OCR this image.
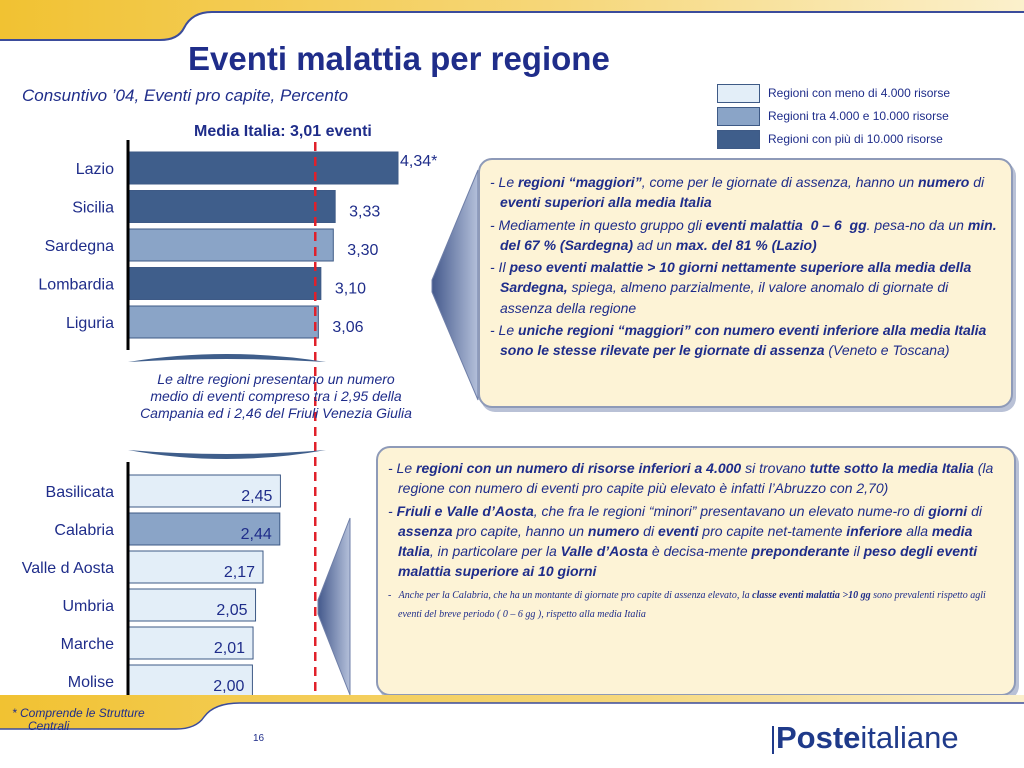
Eventi malattia per regione
Consuntivo ’04, Eventi pro capite, Percento
Media Italia: 3,01 eventi
Regioni con meno di 4.000 risorse
Regioni tra 4.000 e 10.000 risorse
Regioni con più di 10.000 risorse
Lazio	4,34*
Sicilia	3,33
Sardegna	3,30
Lombardia	3,10
Liguria	3,06
Basilicata	2,45
Calabria	2,44
Valle d Aosta	2,17
Umbria	2,05
Marche	2,01
Molise	2,00
Le altre regioni presentano un numero medio di eventi compreso tra i 2,95 della Campania ed i 2,46 del Friuli Venezia Giulia
- Le regioni “maggiori”, come per le giornate di assenza, hanno un numero di eventi superiori alla media Italia
- Mediamente in questo gruppo gli eventi malattia  0 – 6  gg. pesa-no da un min. del 67 % (Sardegna) ad un max. del 81 % (Lazio)
- Il peso eventi malattie > 10 giorni nettamente superiore alla media della Sardegna, spiega, almeno parzialmente, il valore anomalo di giornate di assenza della regione
- Le uniche regioni “maggiori” con numero eventi inferiore alla media Italia sono le stesse rilevate per le giornate di assenza (Veneto e Toscana)
- Le regioni con un numero di risorse inferiori a 4.000 si trovano tutte sotto la media Italia (la regione con numero di eventi pro capite più elevato è infatti l’Abruzzo con 2,70)
- Friuli e Valle d’Aosta, che fra le regioni “minori” presentavano un elevato nume-ro di giorni di assenza pro capite, hanno un numero di eventi pro capite net-tamente inferiore alla media Italia, in particolare per la Valle d’Aosta è decisa-mente preponderante il peso degli eventi malattia superiore ai 10 giorni
-   Anche per la Calabria, che ha un montante di giornate pro capite di assenza elevato, la classe eventi malattia >10 gg sono prevalenti rispetto agli eventi del breve periodo ( 0 – 6 gg ), rispetto alla media Italia
* Comprende le Strutture
Centrali
16	Posteitaliane
